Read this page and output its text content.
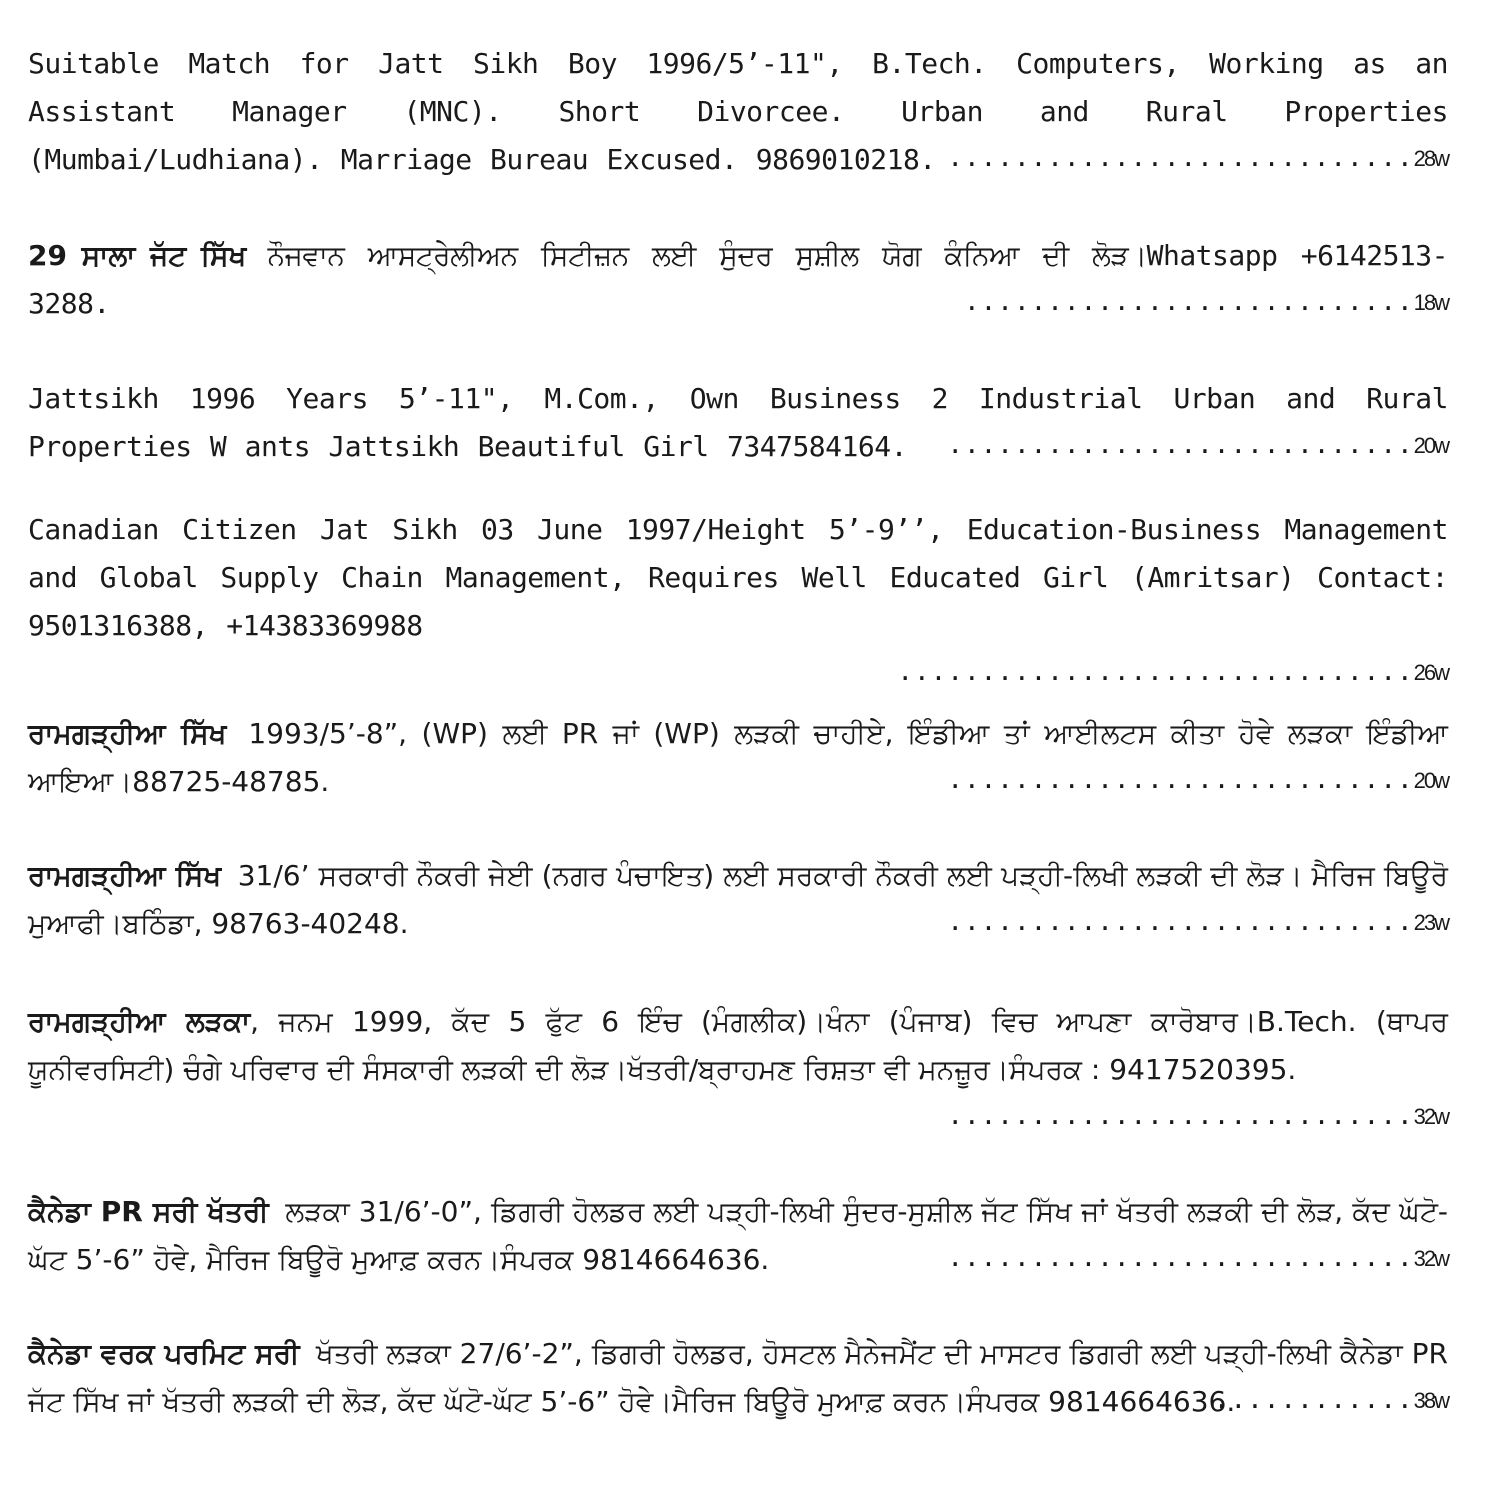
Suitable Match for Jatt Sikh Boy 1996/5’-11", B.Tech. Computers, Working as an Assistant Manager (MNC). Short Divorcee. Urban and Rural Properties (Mumbai/Ludhiana). Marriage Bureau Excused. 9869010218. ............................28w
29 ਸਾਲਾ ਜੱਟ ਸਿੱਖ ਨੌਜਵਾਨ ਆਸਟ੍ਰੇਲੀਅਨ ਸਿਟੀਜ਼ਨ ਲਈ ਸੁੰਦਰ ਸੁਸ਼ੀਲ ਯੋਗ ਕੰਨਿਆ ਦੀ ਲੋੜ।Whatsapp +6142513-3288.	...........................18w
Jattsikh 1996 Years 5’-11", M.Com., Own Business 2 Industrial Urban and Rural Properties W ants Jattsikh Beautiful Girl 7347584164.	............................20w
Canadian Citizen Jat Sikh 03 June 1997/Height 5’-9’’, Education-Business Management and Global Supply Chain Management, Requires Well Educated Girl (Amritsar) Contact: 9501316388, +14383369988
...............................26w
ਰਾਮਗੜ੍ਹੀਆ ਸਿੱਖ 1993/5’-8”, (WP) ਲਈ PR ਜਾਂ (WP) ਲੜਕੀ ਚਾਹੀਏ, ਇੰਡੀਆ ਤਾਂ ਆਈਲਟਸ ਕੀਤਾ ਹੋਵੇ ਲੜਕਾ ਇੰਡੀਆ ਆਇਆ।88725-48785.	............................20w
ਰਾਮਗੜ੍ਹੀਆ ਸਿੱਖ 31/6’ ਸਰਕਾਰੀ ਨੌਕਰੀ ਜੇਈ (ਨਗਰ ਪੰਚਾਇਤ) ਲਈ ਸਰਕਾਰੀ ਨੌਕਰੀ ਲਈ ਪੜ੍ਹੀ-ਲਿਖੀ ਲੜਕੀ ਦੀ ਲੋੜ। ਮੈਰਿਜ ਬਿਊਰੋ ਮੁਆਫੀ।ਬਠਿੰਡਾ, 98763-40248.	............................23w
ਰਾਮਗੜ੍ਹੀਆ ਲੜਕਾ, ਜਨਮ 1999, ਕੱਦ 5 ਫੁੱਟ 6 ਇੰਚ (ਮੰਗਲੀਕ)।ਖੰਨਾ (ਪੰਜਾਬ) ਵਿਚ ਆਪਣਾ ਕਾਰੋਬਾਰ।B.Tech. (ਥਾਪਰ ਯੂਨੀਵਰਸਿਟੀ) ਚੰਗੇ ਪਰਿਵਾਰ ਦੀ ਸੰਸਕਾਰੀ ਲੜਕੀ ਦੀ ਲੋੜ।ਖੱਤਰੀ/ਬ੍ਰਾਹਮਣ ਰਿਸ਼ਤਾ ਵੀ ਮਨਜ਼ੂਰ।ਸੰਪਰਕ : 9417520395.
............................32w
ਕੈਨੇਡਾ PR ਸਰੀ ਖੱਤਰੀ ਲੜਕਾ 31/6’-0”, ਡਿਗਰੀ ਹੋਲਡਰ ਲਈ ਪੜ੍ਹੀ-ਲਿਖੀ ਸੁੰਦਰ-ਸੁਸ਼ੀਲ ਜੱਟ ਸਿੱਖ ਜਾਂ ਖੱਤਰੀ ਲੜਕੀ ਦੀ ਲੋੜ, ਕੱਦ ਘੱਟੋ-ਘੱਟ 5’-6” ਹੋਵੇ, ਮੈਰਿਜ ਬਿਊਰੋ ਮੁਆਫ਼ ਕਰਨ।ਸੰਪਰਕ 9814664636.	............................32w
ਕੈਨੇਡਾ ਵਰਕ ਪਰਮਿਟ ਸਰੀ ਖੱਤਰੀ ਲੜਕਾ 27/6’-2”, ਡਿਗਰੀ ਹੋਲਡਰ, ਹੋਸਟਲ ਮੈਨੇਜਮੈਂਟ ਦੀ ਮਾਸਟਰ ਡਿਗਰੀ ਲਈ ਪੜ੍ਹੀ-ਲਿਖੀ ਕੈਨੇਡਾ PR ਜੱਟ ਸਿੱਖ ਜਾਂ ਖੱਤਰੀ ਲੜਕੀ ਦੀ ਲੋੜ, ਕੱਦ ਘੱਟੋ-ਘੱਟ 5’-6” ਹੋਵੇ।ਮੈਰਿਜ ਬਿਊਰੋ ਮੁਆਫ਼ ਕਰਨ।ਸੰਪਰਕ 9814664636.
............38w
